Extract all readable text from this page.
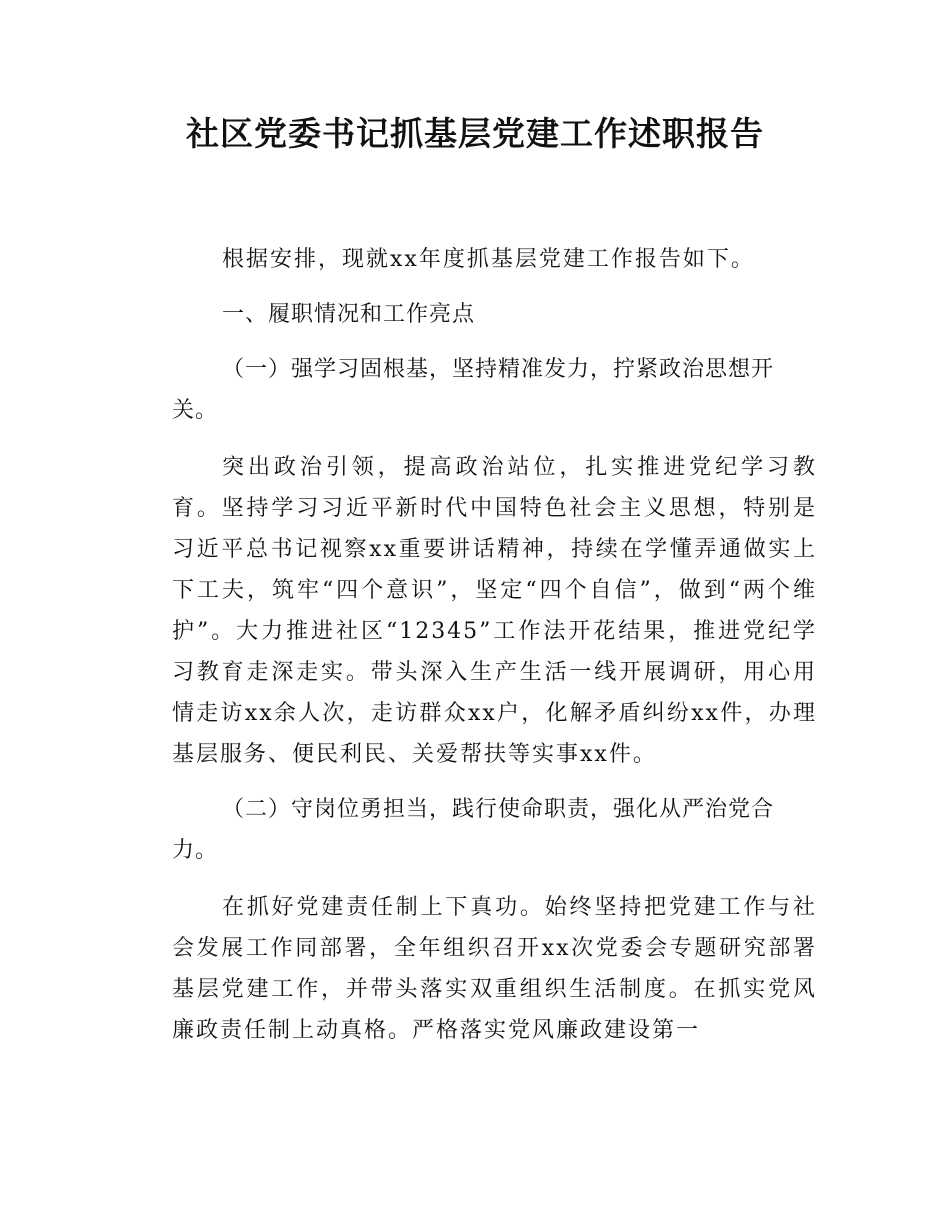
社区党委书记抓基层党建工作述职报告

根据安排，现就xx年度抓基层党建工作报告如下。

一、履职情况和工作亮点

（一）强学习固根基，坚持精准发力，拧紧政治思想开关。

突出政治引领，提高政治站位，扎实推进党纪学习教育。坚持学习习近平新时代中国特色社会主义思想，特别是习近平总书记视察xx重要讲话精神，持续在学懂弄通做实上下工夫，筑牢“四个意识”，坚定“四个自信”，做到“两个维护”。大力推进社区“12345”工作法开花结果，推进党纪学习教育走深走实。带头深入生产生活一线开展调研，用心用情走访xx余人次，走访群众xx户，化解矛盾纠纷xx件，办理基层服务、便民利民、关爱帮扶等实事xx件。

（二）守岗位勇担当，践行使命职责，强化从严治党合力。

在抓好党建责任制上下真功。始终坚持把党建工作与社会发展工作同部署，全年组织召开xx次党委会专题研究部署基层党建工作，并带头落实双重组织生活制度。在抓实党风廉政责任制上动真格。严格落实党风廉政建设第一
